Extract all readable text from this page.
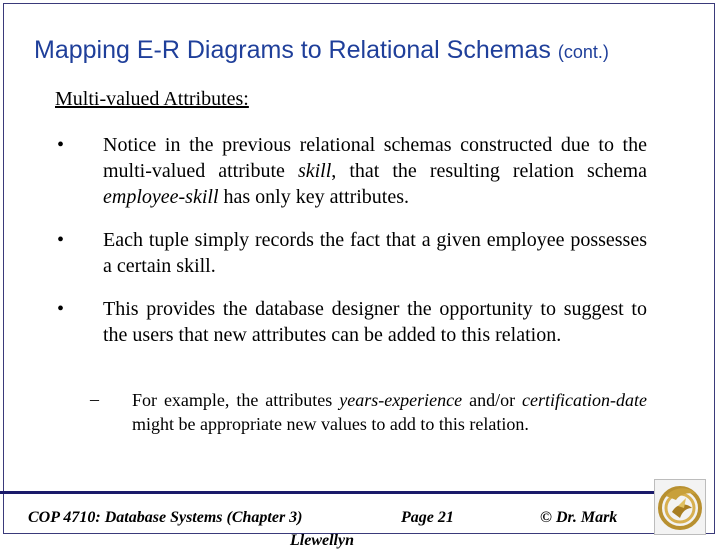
Mapping E-R Diagrams to Relational Schemas (cont.)
Multi-valued Attributes:
• Notice in the previous relational schemas constructed due to the multi-valued attribute skill, that the resulting relation schema employee-skill has only key attributes.
• Each tuple simply records the fact that a given employee possesses a certain skill.
• This provides the database designer the opportunity to suggest to the users that new attributes can be added to this relation.
– For example, the attributes years-experience and/or certification-date might be appropriate new values to add to this relation.
COP 4710: Database Systems (Chapter 3)	Page 21	© Dr. Mark
Llewellyn
